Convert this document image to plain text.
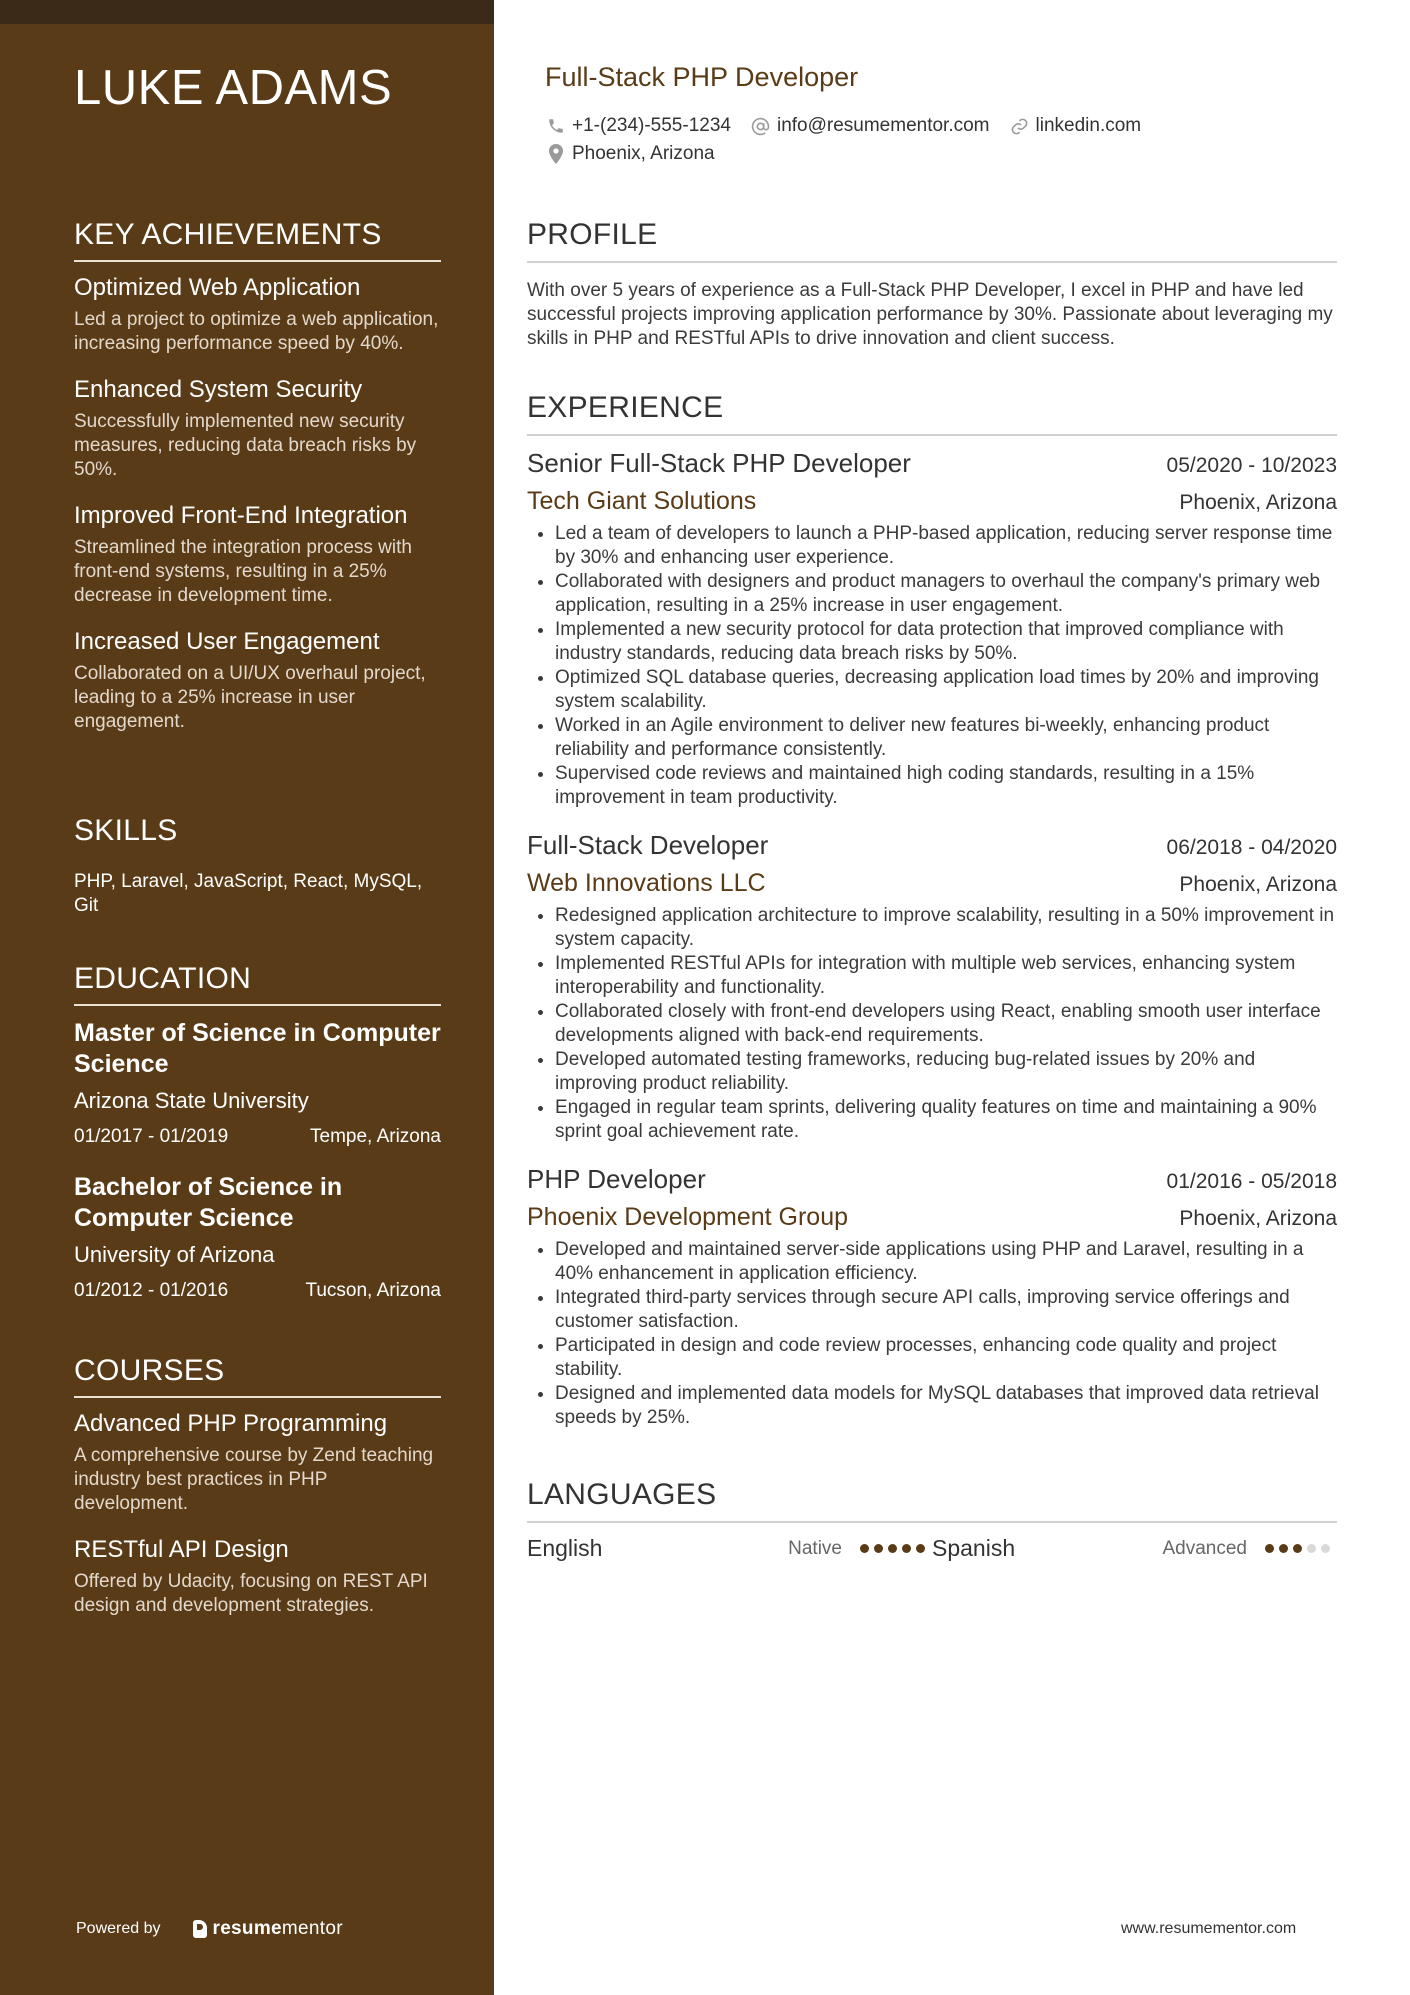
LUKE ADAMS
KEY ACHIEVEMENTS
Optimized Web Application
Led a project to optimize a web application, increasing performance speed by 40%.
Enhanced System Security
Successfully implemented new security measures, reducing data breach risks by 50%.
Improved Front-End Integration
Streamlined the integration process with front-end systems, resulting in a 25% decrease in development time.
Increased User Engagement
Collaborated on a UI/UX overhaul project, leading to a 25% increase in user engagement.
SKILLS
PHP, Laravel, JavaScript, React, MySQL, Git
EDUCATION
Master of Science in Computer Science
Arizona State University
01/2017 - 01/2019	Tempe, Arizona
Bachelor of Science in Computer Science
University of Arizona
01/2012 - 01/2016	Tucson, Arizona
COURSES
Advanced PHP Programming
A comprehensive course by Zend teaching industry best practices in PHP development.
RESTful API Design
Offered by Udacity, focusing on REST API design and development strategies.
Powered by	resume mentor
Full-Stack PHP Developer
+1-(234)-555-1234 info@resumementor.com linkedin.com
Phoenix, Arizona
PROFILE
With over 5 years of experience as a Full-Stack PHP Developer, I excel in PHP and have led successful projects improving application performance by 30%. Passionate about leveraging my skills in PHP and RESTful APIs to drive innovation and client success.
EXPERIENCE
Senior Full-Stack PHP Developer	05/2020 - 10/2023
Tech Giant Solutions	Phoenix, Arizona
• Led a team of developers to launch a PHP-based application, reducing server response time by 30% and enhancing user experience.
• Collaborated with designers and product managers to overhaul the company's primary web application, resulting in a 25% increase in user engagement.
• Implemented a new security protocol for data protection that improved compliance with industry standards, reducing data breach risks by 50%.
• Optimized SQL database queries, decreasing application load times by 20% and improving system scalability.
• Worked in an Agile environment to deliver new features bi-weekly, enhancing product reliability and performance consistently.
• Supervised code reviews and maintained high coding standards, resulting in a 15% improvement in team productivity.
Full-Stack Developer	06/2018 - 04/2020
Web Innovations LLC	Phoenix, Arizona
• Redesigned application architecture to improve scalability, resulting in a 50% improvement in system capacity.
• Implemented RESTful APIs for integration with multiple web services, enhancing system interoperability and functionality.
• Collaborated closely with front-end developers using React, enabling smooth user interface developments aligned with back-end requirements.
• Developed automated testing frameworks, reducing bug-related issues by 20% and improving product reliability.
• Engaged in regular team sprints, delivering quality features on time and maintaining a 90% sprint goal achievement rate.
PHP Developer	01/2016 - 05/2018
Phoenix Development Group	Phoenix, Arizona
• Developed and maintained server-side applications using PHP and Laravel, resulting in a 40% enhancement in application efficiency.
• Integrated third-party services through secure API calls, improving service offerings and customer satisfaction.
• Participated in design and code review processes, enhancing code quality and project stability.
• Designed and implemented data models for MySQL databases that improved data retrieval speeds by 25%.
LANGUAGES
English	Native	Spanish	Advanced
www.resumementor.com
